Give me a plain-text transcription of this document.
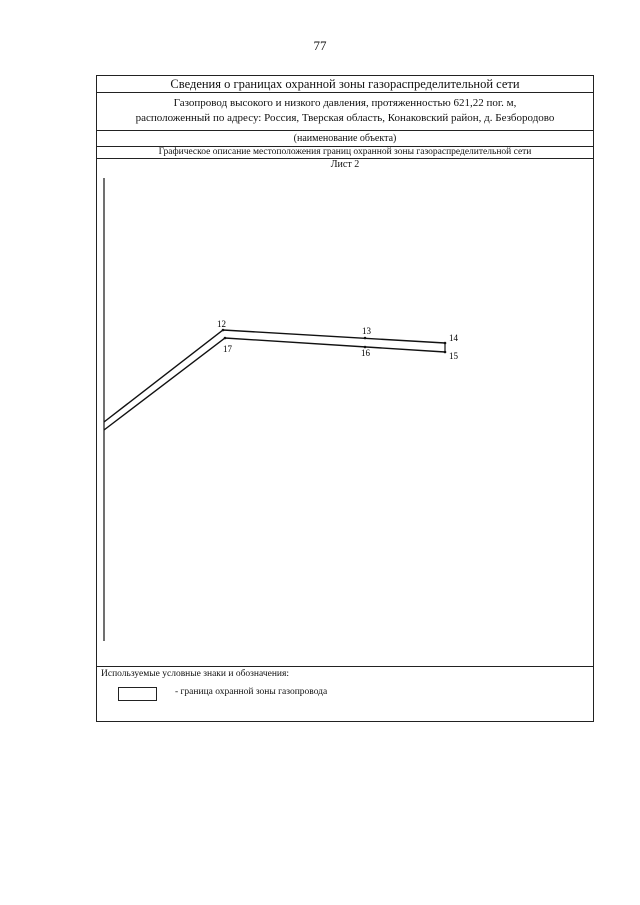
77
Сведения о границах охранной зоны газораспределительной сети
Газопровод высокого и низкого давления, протяженностью 621,22 пог. м,
расположенный по адресу: Россия, Тверская область, Конаковский район, д. Безбородово
(наименование объекта)
Графическое описание местоположения границ охранной зоны газораспределительной сети
Лист 2
12
13
14
15
16
17
Используемые условные знаки и обозначения:
- граница охранной зоны газопровода
